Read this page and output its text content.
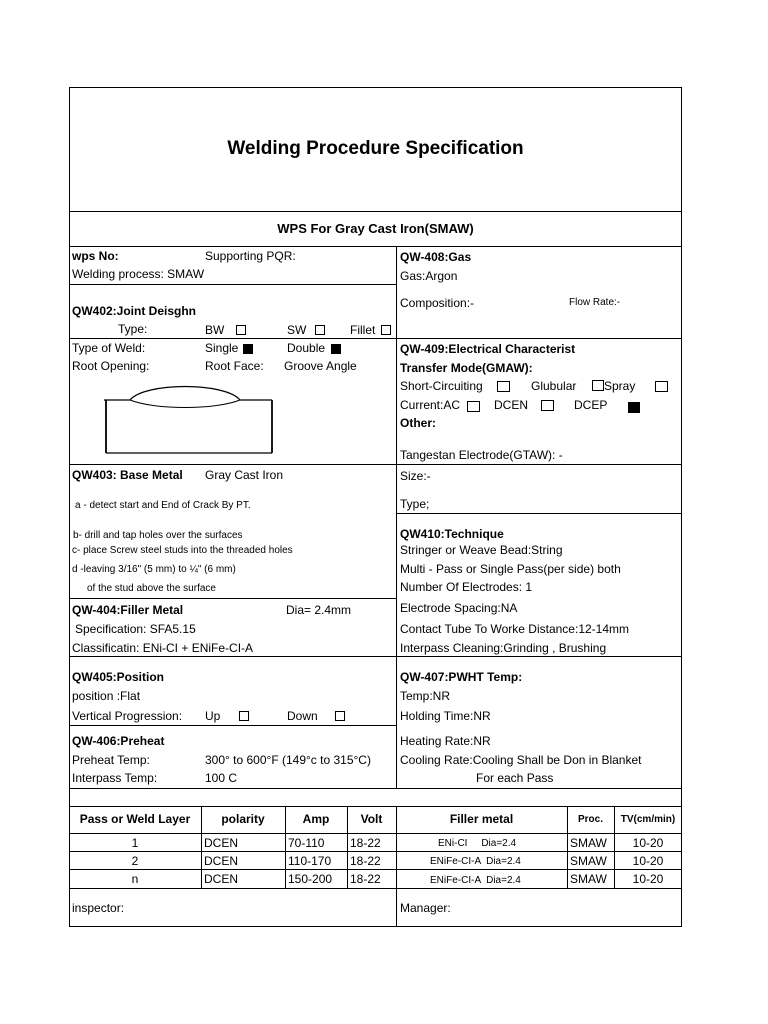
Welding Procedure Specification
WPS For Gray Cast Iron(SMAW)
wps No:	Supporting PQR:
Welding process: SMAW
QW402:Joint Deisghn
Type:	BW	SW	Fillet
Type of Weld:	Single	Double
Root Opening:	Root Face: Groove Angle
QW403: Base Metal Gray Cast Iron
a - detect start and End of Crack By PT.
b- drill and tap holes over the surfaces
c- place Screw steel studs into the threaded holes
d -leaving 3/16" (5 mm) to ¼" (6 mm)
of the stud above the surface
QW-404:Filler Metal	Dia= 2.4mm
Specification: SFA5.15
Classificatin: ENi-CI + ENiFe-CI-A
QW405:Position
position :Flat
Vertical Progression: Up	Down
QW-406:Preheat
Preheat Temp:	300° to 600°F (149°c to 315°C)
Interpass Temp:	100 C
QW-408:Gas
Gas:Argon
Composition:-	Flow Rate:-
QW-409:Electrical Characterist
Transfer Mode(GMAW):
Short-Circuiting	Glubular Spray
Current:AC	DCEN	DCEP
Other:
Tangestan Electrode(GTAW): -
Size:-
Type;
QW410:Technique
Stringer or Weave Bead:String
Multi - Pass or Single Pass(per side) both
Number Of Electrodes: 1
Electrode Spacing:NA
Contact Tube To Worke Distance:12-14mm
Interpass Cleaning:Grinding , Brushing
QW-407:PWHT Temp:
Temp:NR
Holding Time:NR
Heating Rate:NR
Cooling Rate:Cooling Shall be Don in Blanket
For each Pass
Pass or Weld Layer	polarity	Amp	Volt	Filler metal	Proc.	TV(cm/min)
1	DCEN	70-110 18-22	ENi-CI     Dia=2.4	SMAW	10-20
2	DCEN	110-170 18-22	ENiFe-CI-A  Dia=2.4	SMAW	10-20
n	DCEN	150-200 18-22	ENiFe-CI-A  Dia=2.4	SMAW	10-20
inspector:	Manager:
